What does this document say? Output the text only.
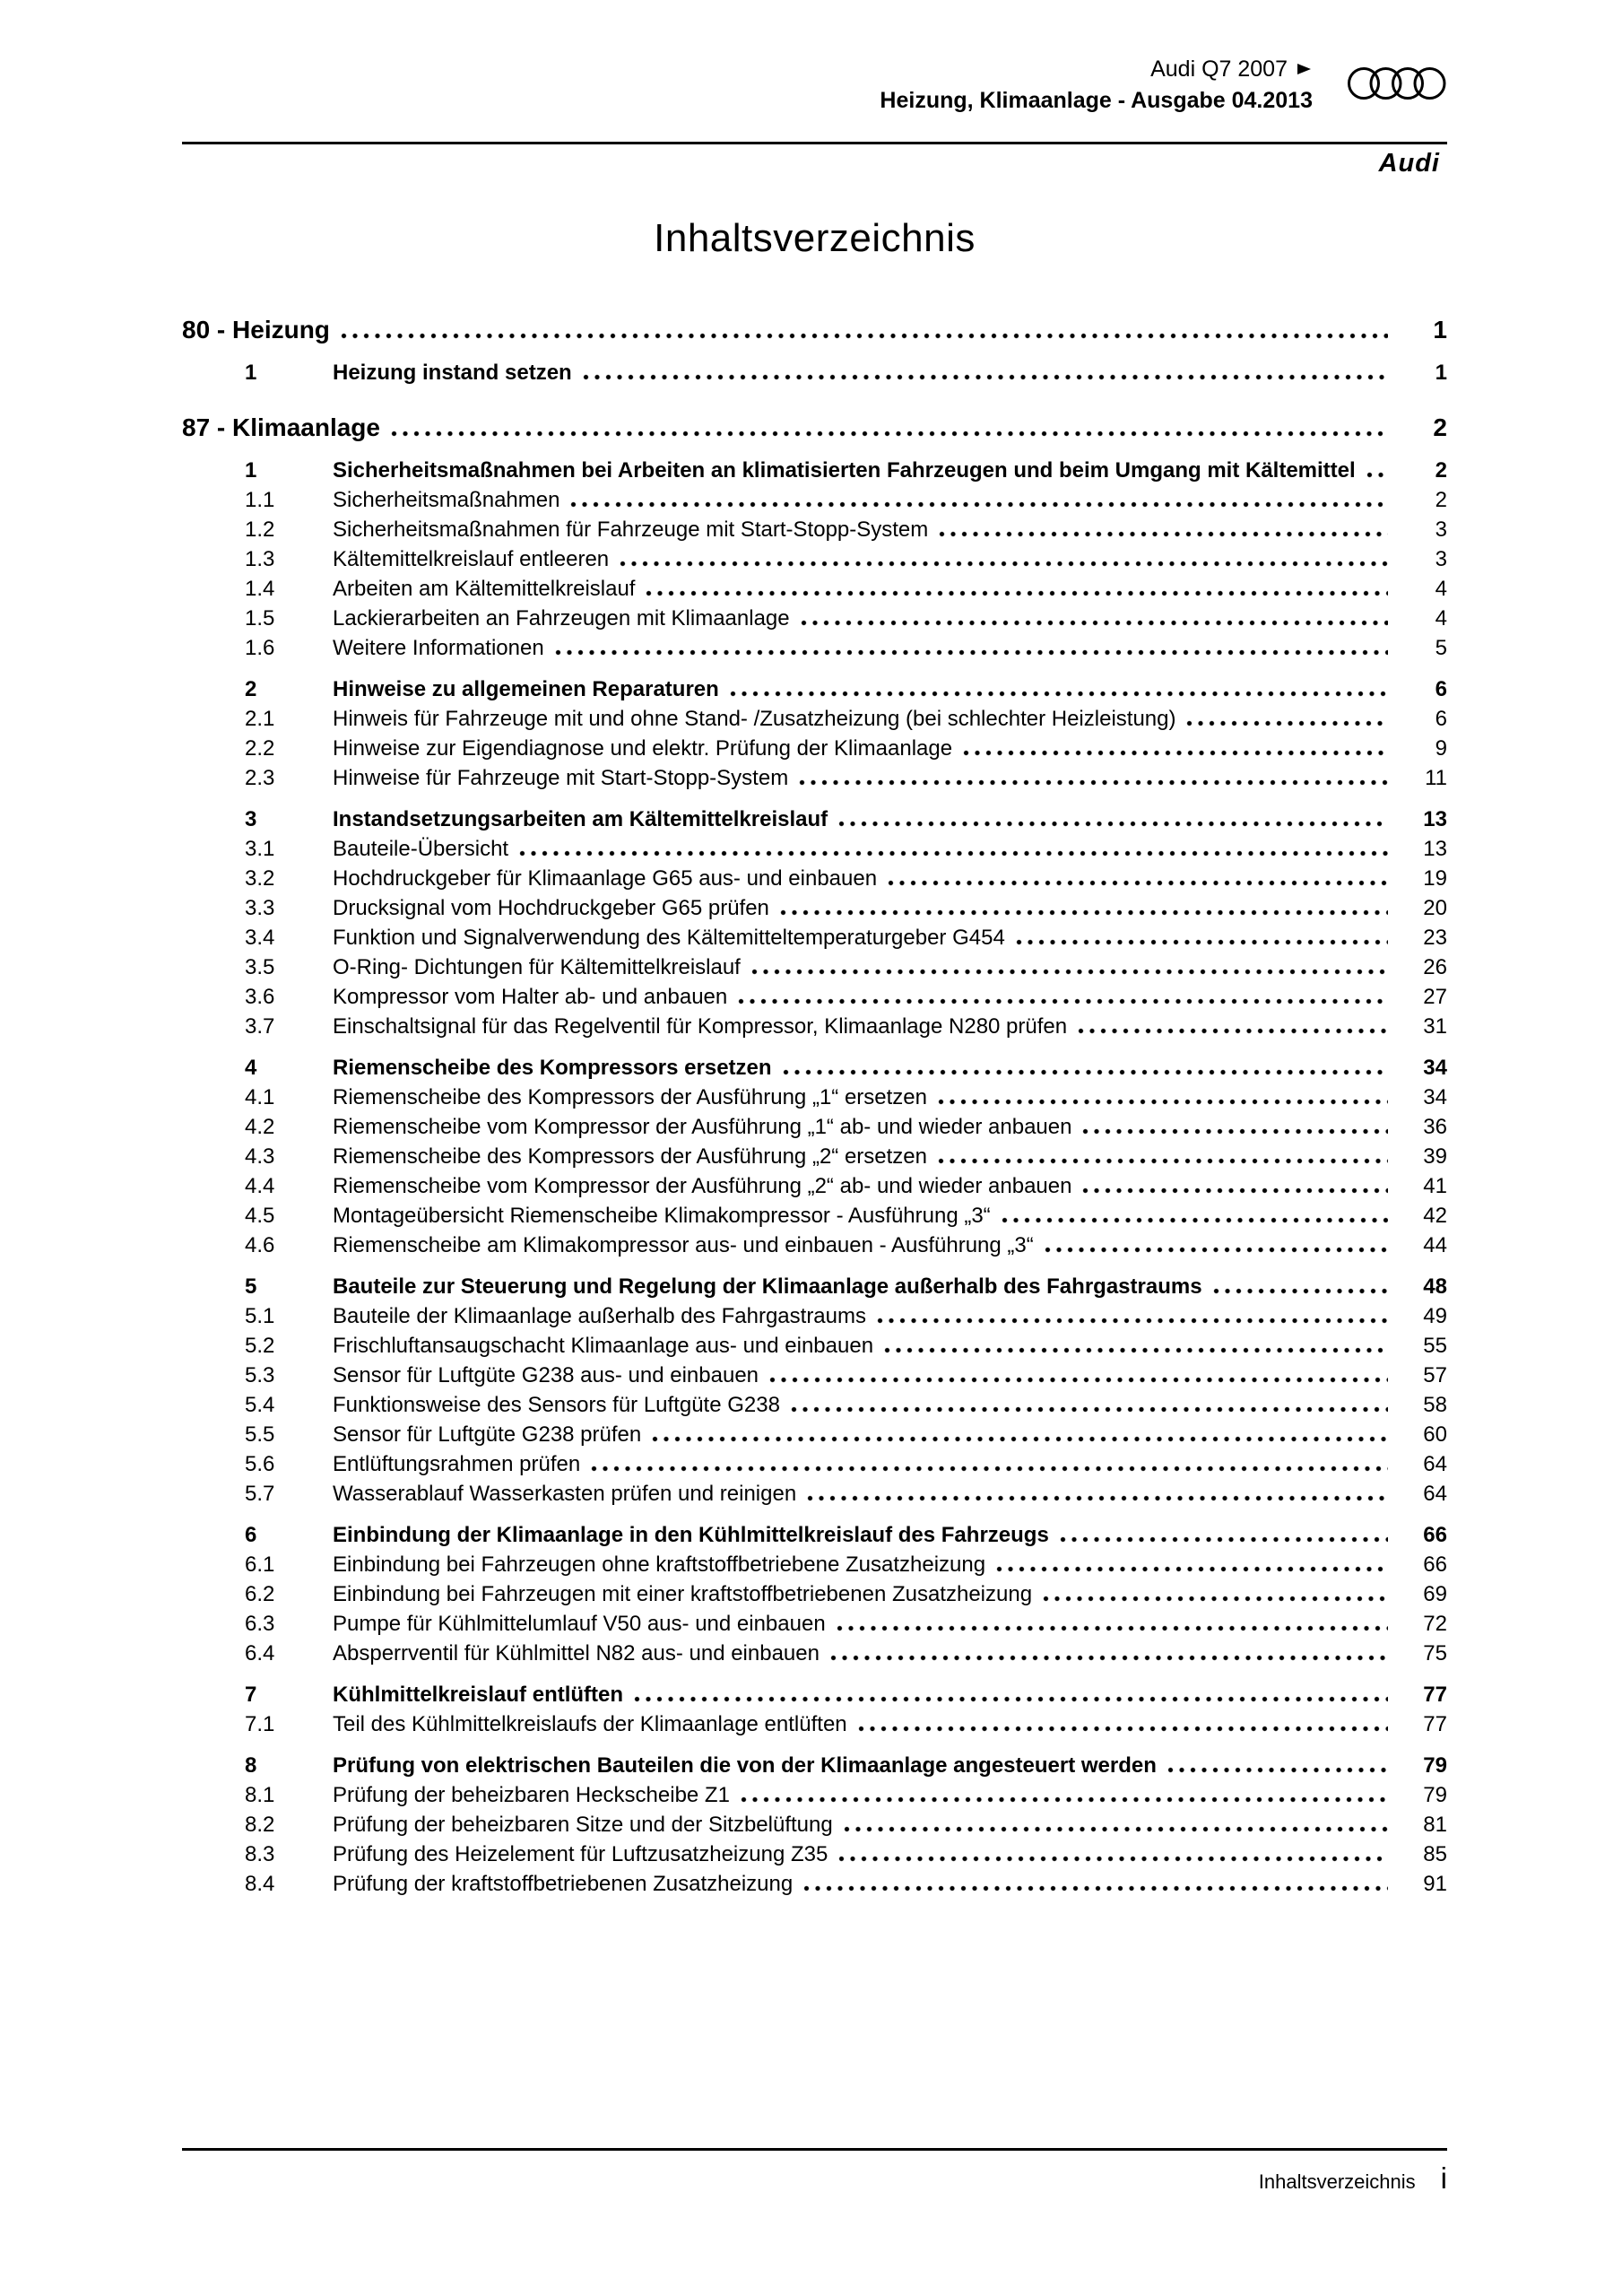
Audi Q7 2007
Heizung, Klimaanlage - Ausgabe 04.2013
Audi
Inhaltsverzeichnis
80 - Heizung	1
1	Heizung instand setzen	1
87 - Klimaanlage	2
1	Sicherheitsmaßnahmen bei Arbeiten an klimatisierten Fahrzeugen und beim Umgang mit Kältemittel	2
1.1	Sicherheitsmaßnahmen	2
1.2	Sicherheitsmaßnahmen für Fahrzeuge mit Start-Stopp-System	3
1.3	Kältemittelkreislauf entleeren	3
1.4	Arbeiten am Kältemittelkreislauf	4
1.5	Lackierarbeiten an Fahrzeugen mit Klimaanlage	4
1.6	Weitere Informationen	5
2	Hinweise zu allgemeinen Reparaturen	6
2.1	Hinweis für Fahrzeuge mit und ohne Stand- /Zusatzheizung (bei schlechter Heizleistung)	6
2.2	Hinweise zur Eigendiagnose und elektr. Prüfung der Klimaanlage	9
2.3	Hinweise für Fahrzeuge mit Start-Stopp-System	11
3	Instandsetzungsarbeiten am Kältemittelkreislauf	13
3.1	Bauteile-Übersicht	13
3.2	Hochdruckgeber für Klimaanlage G65 aus- und einbauen	19
3.3	Drucksignal vom Hochdruckgeber G65 prüfen	20
3.4	Funktion und Signalverwendung des Kältemitteltemperaturgeber G454	23
3.5	O-Ring- Dichtungen für Kältemittelkreislauf	26
3.6	Kompressor vom Halter ab- und anbauen	27
3.7	Einschaltsignal für das Regelventil für Kompressor, Klimaanlage N280 prüfen	31
4	Riemenscheibe des Kompressors ersetzen	34
4.1	Riemenscheibe des Kompressors der Ausführung „1“ ersetzen	34
4.2	Riemenscheibe vom Kompressor der Ausführung „1“ ab- und wieder anbauen	36
4.3	Riemenscheibe des Kompressors der Ausführung „2“ ersetzen	39
4.4	Riemenscheibe vom Kompressor der Ausführung „2“ ab- und wieder anbauen	41
4.5	Montageübersicht Riemenscheibe Klimakompressor - Ausführung „3“	42
4.6	Riemenscheibe am Klimakompressor aus- und einbauen - Ausführung „3“	44
5	Bauteile zur Steuerung und Regelung der Klimaanlage außerhalb des Fahrgastraums	48
5.1	Bauteile der Klimaanlage außerhalb des Fahrgastraums	49
5.2	Frischluftansaugschacht Klimaanlage aus- und einbauen	55
5.3	Sensor für Luftgüte G238 aus- und einbauen	57
5.4	Funktionsweise des Sensors für Luftgüte G238	58
5.5	Sensor für Luftgüte G238 prüfen	60
5.6	Entlüftungsrahmen prüfen	64
5.7	Wasserablauf Wasserkasten prüfen und reinigen	64
6	Einbindung der Klimaanlage in den Kühlmittelkreislauf des Fahrzeugs	66
6.1	Einbindung bei Fahrzeugen ohne kraftstoffbetriebene Zusatzheizung	66
6.2	Einbindung bei Fahrzeugen mit einer kraftstoffbetriebenen Zusatzheizung	69
6.3	Pumpe für Kühlmittelumlauf V50 aus- und einbauen	72
6.4	Absperrventil für Kühlmittel N82 aus- und einbauen	75
7	Kühlmittelkreislauf entlüften	77
7.1	Teil des Kühlmittelkreislaufs der Klimaanlage entlüften	77
8	Prüfung von elektrischen Bauteilen die von der Klimaanlage angesteuert werden	79
8.1	Prüfung der beheizbaren Heckscheibe Z1	79
8.2	Prüfung der beheizbaren Sitze und der Sitzbelüftung	81
8.3	Prüfung des Heizelement für Luftzusatzheizung Z35	85
8.4	Prüfung der kraftstoffbetriebenen Zusatzheizung	91
Inhaltsverzeichnis i
